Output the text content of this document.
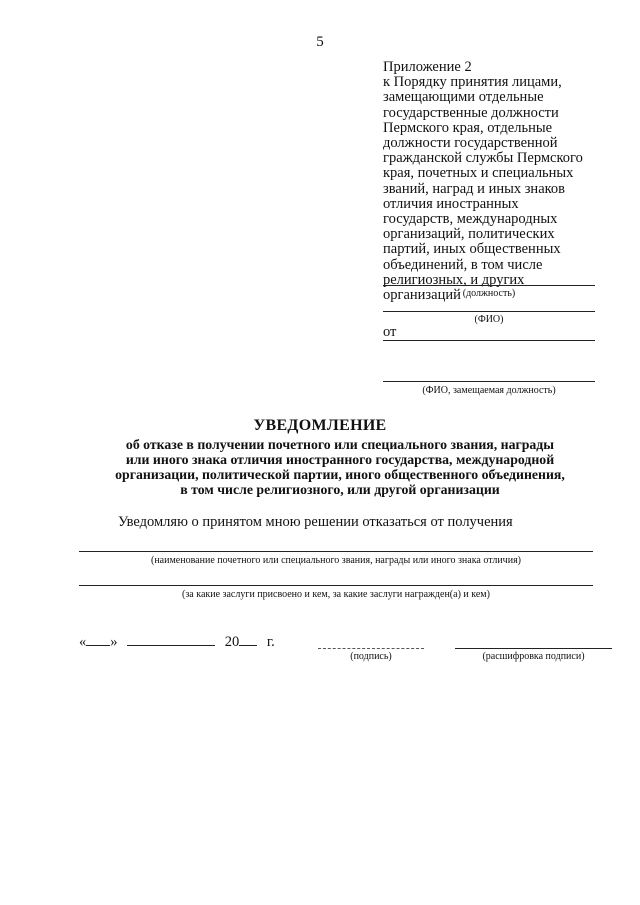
5
Приложение 2
к Порядку принятия лицами,
замещающими отдельные
государственные должности
Пермского края, отдельные
должности государственной
гражданской службы Пермского
края, почетных и специальных
званий, наград и иных знаков
отличия иностранных
государств, международных
организаций, политических
партий, иных общественных
объединений, в том числе
религиозных, и других
организаций (должность)
(ФИО)
от
(ФИО, замещаемая должность)
УВЕДОМЛЕНИЕ
об отказе в получении почетного или специального звания, награды
или иного знака отличия иностранного государства, международной
организации, политической партии, иного общественного объединения,
в том числе религиозного, или другой организации
Уведомляю о принятом мною решении отказаться от получения
(наименование почетного или специального звания, награды или иного знака отличия)
(за какие заслуги присвоено и кем, за какие заслуги награжден(а) и кем)
« »	20 г.
(подпись)	(расшифровка подписи)
